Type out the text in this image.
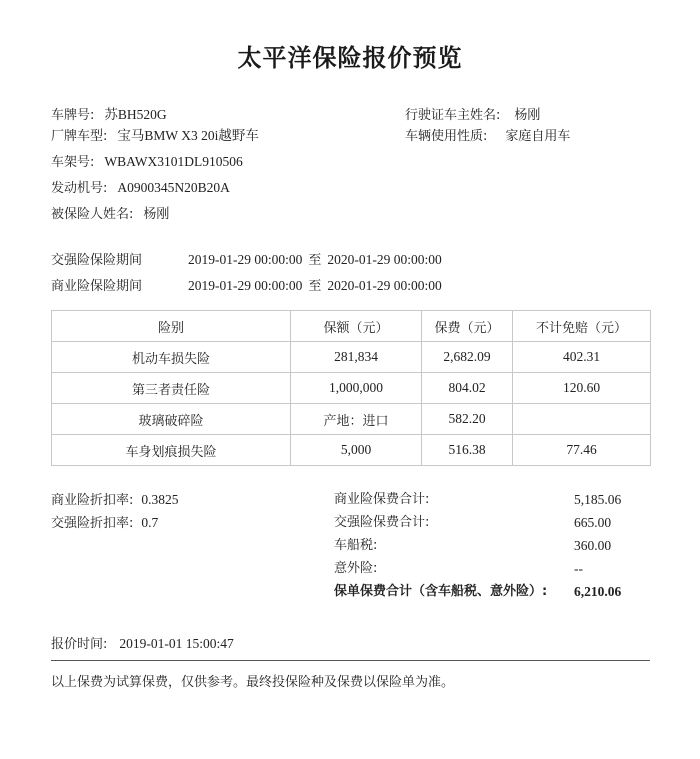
太平洋保险报价预览
车牌号: 苏BH520G
厂牌车型: 宝马BMW X3 20i越野车
车架号: WBAWX3101DL910506
发动机号: A0900345N20B20A
被保险人姓名: 杨刚
行驶证车主姓名: 杨刚
车辆使用性质: 家庭自用车
交强险保险期间	2019-01-29 00:00:00 至 2020-01-29 00:00:00
商业险保险期间	2019-01-29 00:00:00 至 2020-01-29 00:00:00
险别	保额（元）	保费（元）	不计免赔（元）
机动车损失险	281,834	2,682.09	402.31
第三者责任险	1,000,000	804.02	120.60
玻璃破碎险	产地：进口	582.20	
车身划痕损失险	5,000	516.38	77.46
商业险折扣率: 0.3825
交强险折扣率: 0.7
商业险保费合计:	5,185.06
交强险保费合计:	665.00
车船税:	360.00
意外险:	--
保单保费合计（含车船税、意外险）: 6,210.06
报价时间: 2019-01-01 15:00:47
以上保费为试算保费，仅供参考。最终投保险种及保费以保险单为准。
